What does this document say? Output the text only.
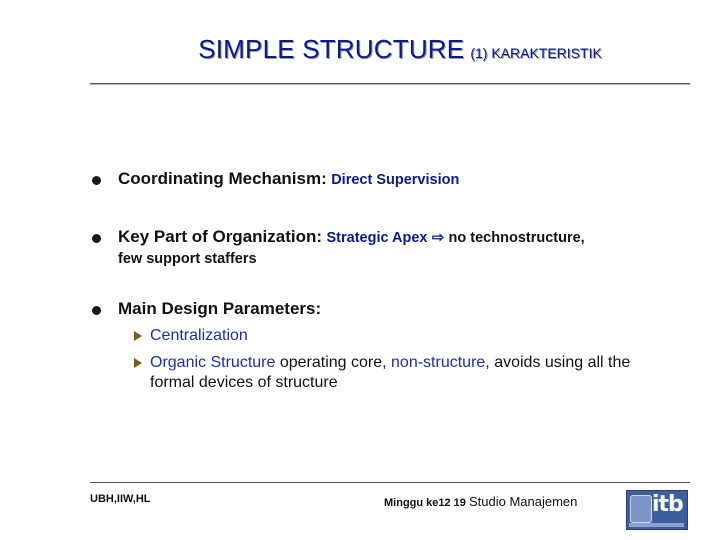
SIMPLE STRUCTURE (1) KARAKTERISTIK
Coordinating Mechanism: Direct Supervision
Key Part of Organization: Strategic Apex ⇨ no technostructure,
few support staffers
Main Design Parameters:
Centralization
Organic Structure operating core, non-structure, avoids using all the
formal devices of structure
UBH,IIW,HL	Minggu ke12 19 Studio Manajemen	itb
